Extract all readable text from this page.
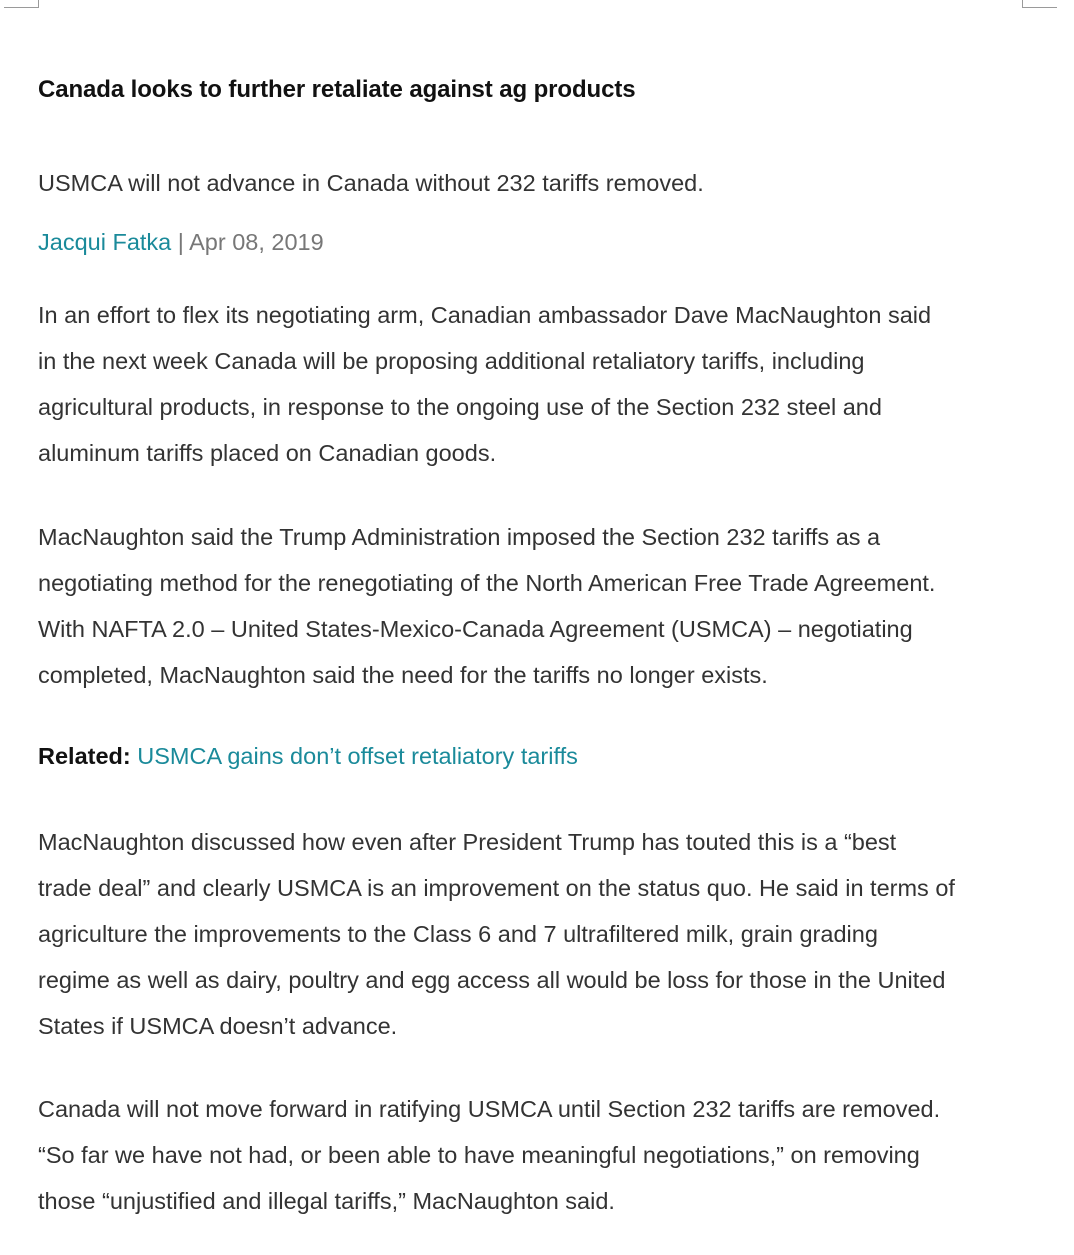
Canada looks to further retaliate against ag products

USMCA will not advance in Canada without 232 tariffs removed.

Jacqui Fatka | Apr 08, 2019

In an effort to flex its negotiating arm, Canadian ambassador Dave MacNaughton said
in the next week Canada will be proposing additional retaliatory tariffs, including
agricultural products, in response to the ongoing use of the Section 232 steel and
aluminum tariffs placed on Canadian goods.

MacNaughton said the Trump Administration imposed the Section 232 tariffs as a
negotiating method for the renegotiating of the North American Free Trade Agreement.
With NAFTA 2.0 – United States-Mexico-Canada Agreement (USMCA) – negotiating
completed, MacNaughton said the need for the tariffs no longer exists.

Related: USMCA gains don’t offset retaliatory tariffs

MacNaughton discussed how even after President Trump has touted this is a “best
trade deal” and clearly USMCA is an improvement on the status quo. He said in terms of
agriculture the improvements to the Class 6 and 7 ultrafiltered milk, grain grading
regime as well as dairy, poultry and egg access all would be loss for those in the United
States if USMCA doesn’t advance.

Canada will not move forward in ratifying USMCA until Section 232 tariffs are removed.
“So far we have not had, or been able to have meaningful negotiations,” on removing
those “unjustified and illegal tariffs,” MacNaughton said.
